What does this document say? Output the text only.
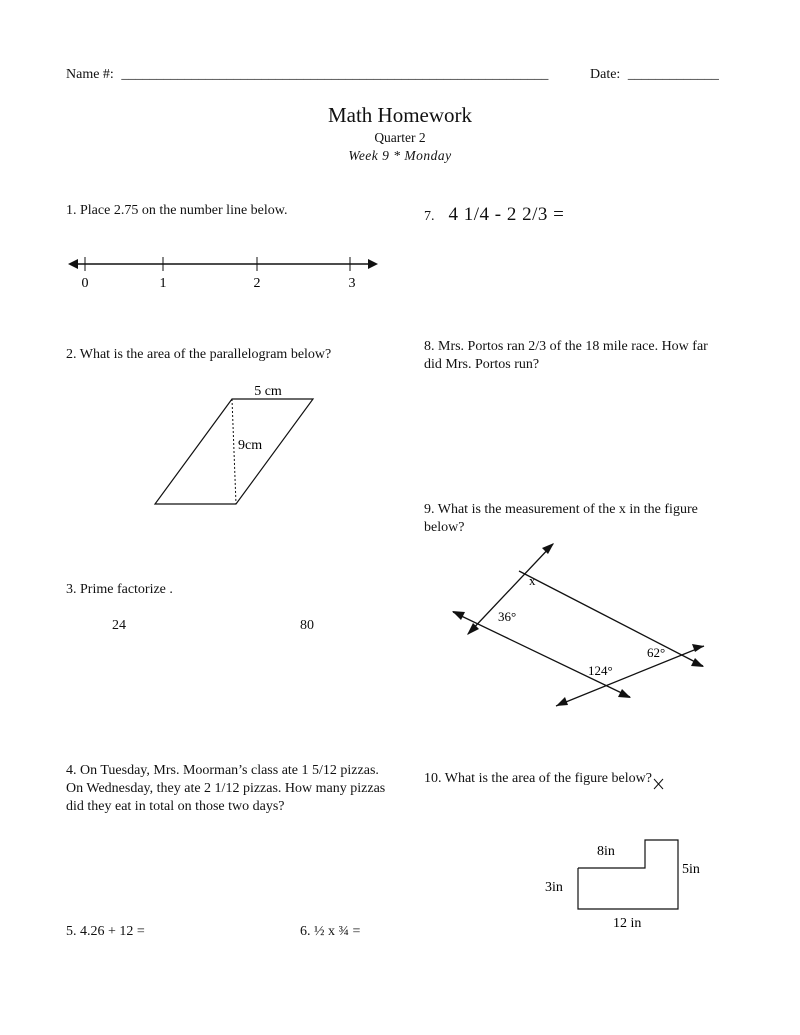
Name #: _____________________________________________________________	Date: _____________
Math Homework
Quarter 2
Week 9 * Monday
1. Place 2.75 on the number line below.
0	1	2	3
2. What is the area of the parallelogram below?
5 cm
9cm
3. Prime factorize .
24	80
4. On Tuesday, Mrs. Moorman’s class ate 1 5/12 pizzas. On Wednesday, they ate 2 1/12 pizzas. How many pizzas did they eat in total on those two days?
5. 4.26 + 12 =	6. ½ x ¾ =
7. 4 1/4 - 2 2/3 =
8. Mrs. Portos ran 2/3 of the 18 mile race. How far did Mrs. Portos run?
9. What is the measurement of the x in the figure below?
x
36°
62°
124°
10. What is the area of the figure below?
8in
5in
3in
12 in
